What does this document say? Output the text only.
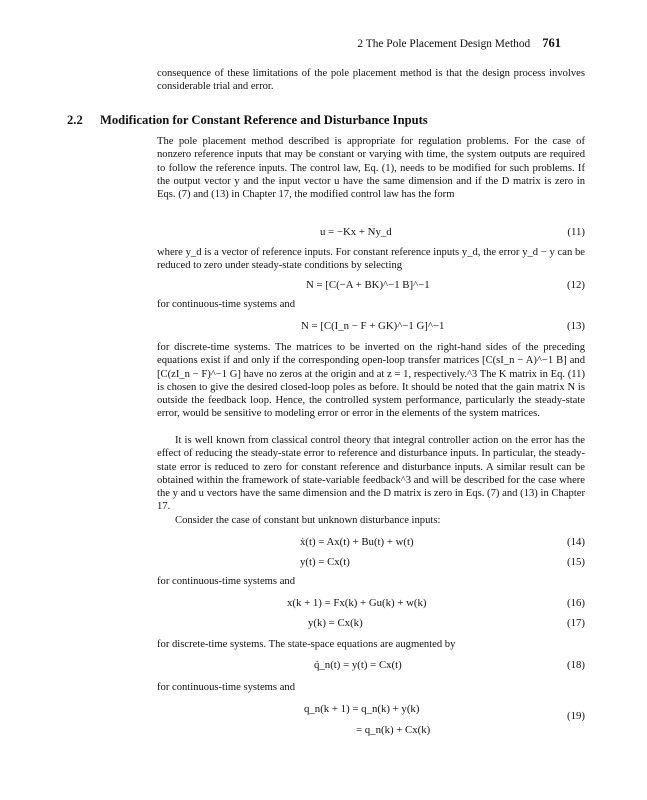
2 The Pole Placement Design Method 761
consequence of these limitations of the pole placement method is that the design process involves considerable trial and error.
2.2 Modification for Constant Reference and Disturbance Inputs
The pole placement method described is appropriate for regulation problems. For the case of nonzero reference inputs that may be constant or varying with time, the system outputs are required to follow the reference inputs. The control law, Eq. (1), needs to be modified for such problems. If the output vector y and the input vector u have the same dimension and if the D matrix is zero in Eqs. (7) and (13) in Chapter 17, the modified control law has the form
u = −Kx + Ny_d	(11)
where y_d is a vector of reference inputs. For constant reference inputs y_d, the error y_d − y can be reduced to zero under steady-state conditions by selecting
N = [C(−A + BK)^−1 B]^−1	(12)
for continuous-time systems and
N = [C(I_n − F + GK)^−1 G]^−1	(13)
for discrete-time systems. The matrices to be inverted on the right-hand sides of the preceding equations exist if and only if the corresponding open-loop transfer matrices [C(sI_n − A)^−1 B] and [C(zI_n − F)^−1 G] have no zeros at the origin and at z = 1, respectively.^3 The K matrix in Eq. (11) is chosen to give the desired closed-loop poles as before. It should be noted that the gain matrix N is outside the feedback loop. Hence, the controlled system performance, particularly the steady-state error, would be sensitive to modeling error or error in the elements of the system matrices.
It is well known from classical control theory that integral controller action on the error has the effect of reducing the steady-state error to reference and disturbance inputs. In particular, the steady-state error is reduced to zero for constant reference and disturbance inputs. A similar result can be obtained within the framework of state-variable feedback^3 and will be described for the case where the y and u vectors have the same dimension and the D matrix is zero in Eqs. (7) and (13) in Chapter 17.
Consider the case of constant but unknown disturbance inputs:
ẋ(t) = Ax(t) + Bu(t) + w(t)	(14)
y(t) = Cx(t)	(15)
for continuous-time systems and
x(k + 1) = Fx(k) + Gu(k) + w(k)	(16)
y(k) = Cx(k)	(17)
for discrete-time systems. The state-space equations are augmented by
q̇_n(t) = y(t) = Cx(t)	(18)
for continuous-time systems and
q_n(k + 1) = q_n(k) + y(k)
= q_n(k) + Cx(k)
(19)
